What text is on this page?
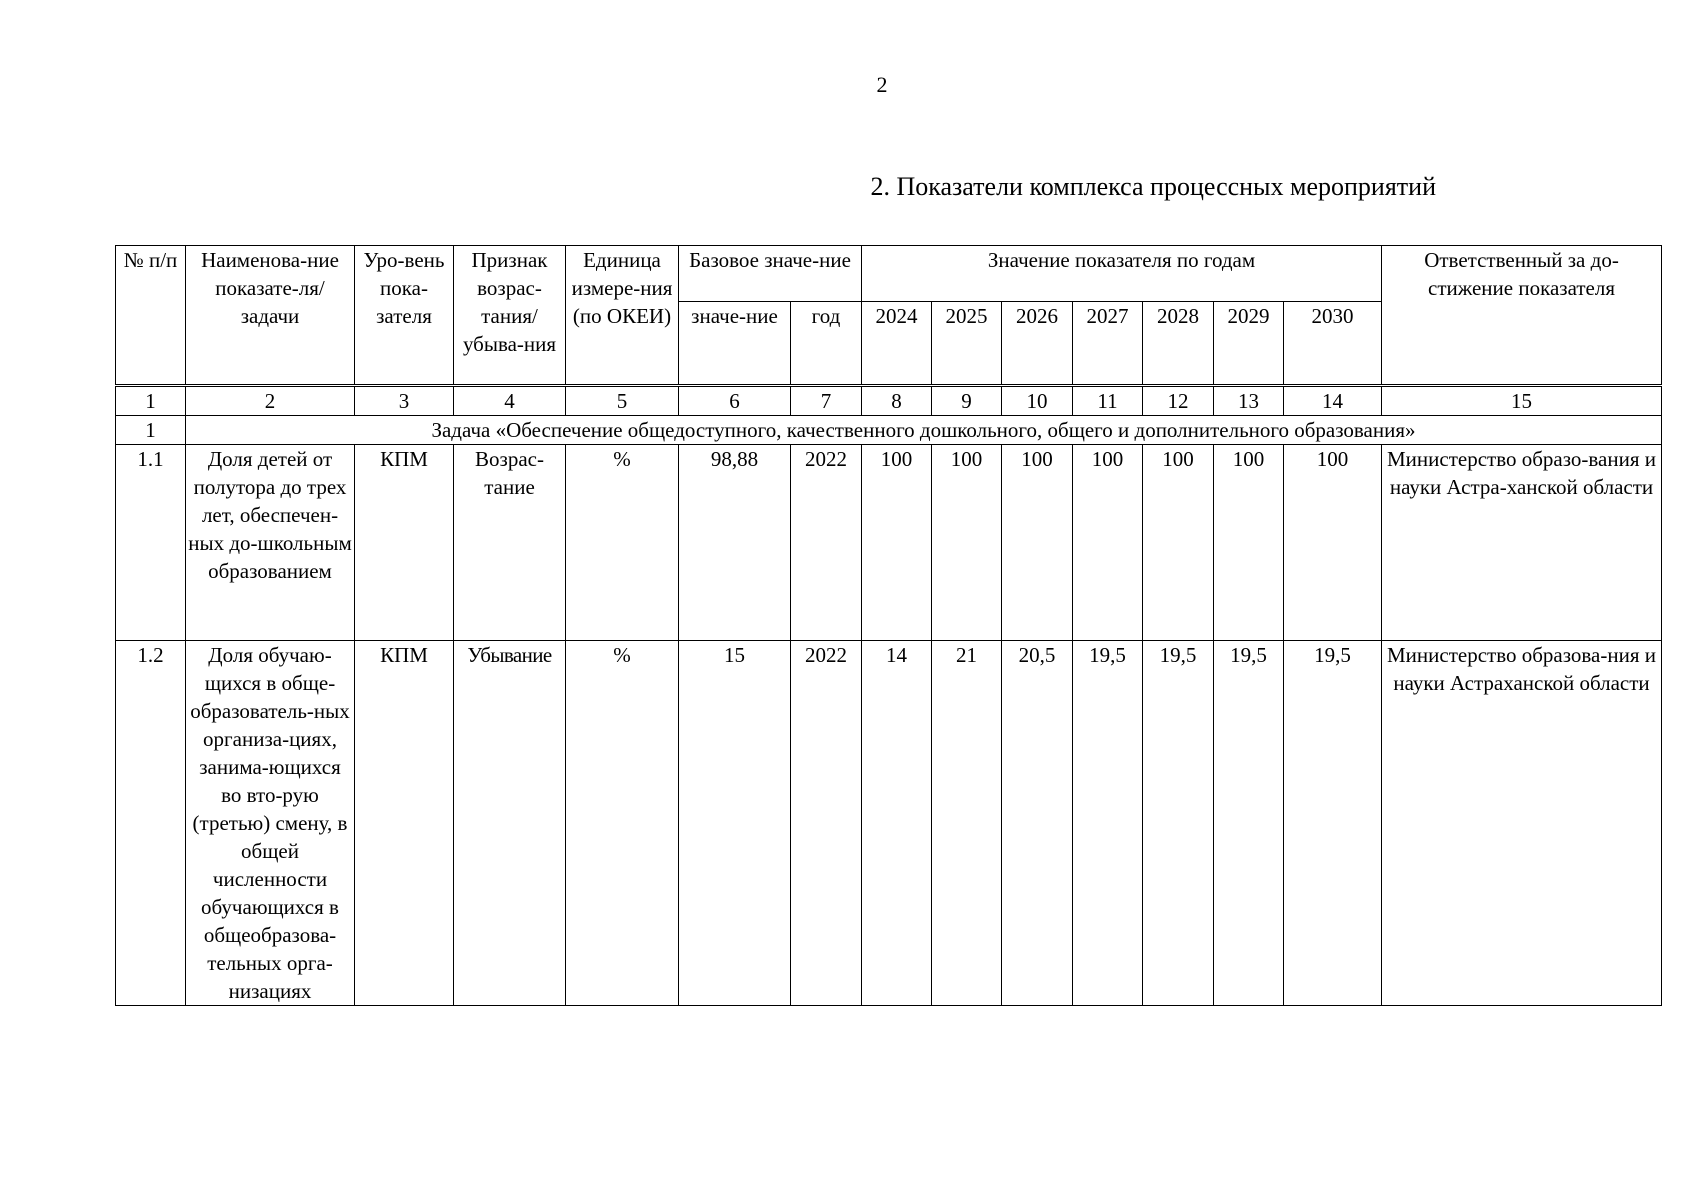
2
2. Показатели комплекса процессных мероприятий
№ п/п	Наименова-ние показате-ля/задачи	Уро-вень пока-зателя	Признак возрас-тания/ убыва-ния	Единица измере-ния (по ОКЕИ)	Базовое значе-ние		Значение показателя по годам							Ответственный за до-стижение показателя
					значе-ние	год	2024	2025	2026	2027	2028	2029	2030	
1	2	3	4	5	6	7	8	9	10	11	12	13	14	15
1	Задача «Обеспечение общедоступного, качественного дошкольного, общего и дополнительного образования»													
1.1	Доля детей от полутора до трех лет, обеспечен-ных до-школьным образованием	КПМ	Возрас-тание	%	98,88	2022	100	100	100	100	100	100	100	Министерство образо-вания и науки Астра-ханской области
1.2	Доля обучаю-щихся в обще-образователь-ных организа-циях, занима-ющихся во вто-рую (третью) смену, в общей численности обучающихся в общеобразова-тельных орга-низациях	КПМ	Убывание	%	15	2022	14	21	20,5	19,5	19,5	19,5	19,5	Министерство образова-ния и науки Астраханской области
